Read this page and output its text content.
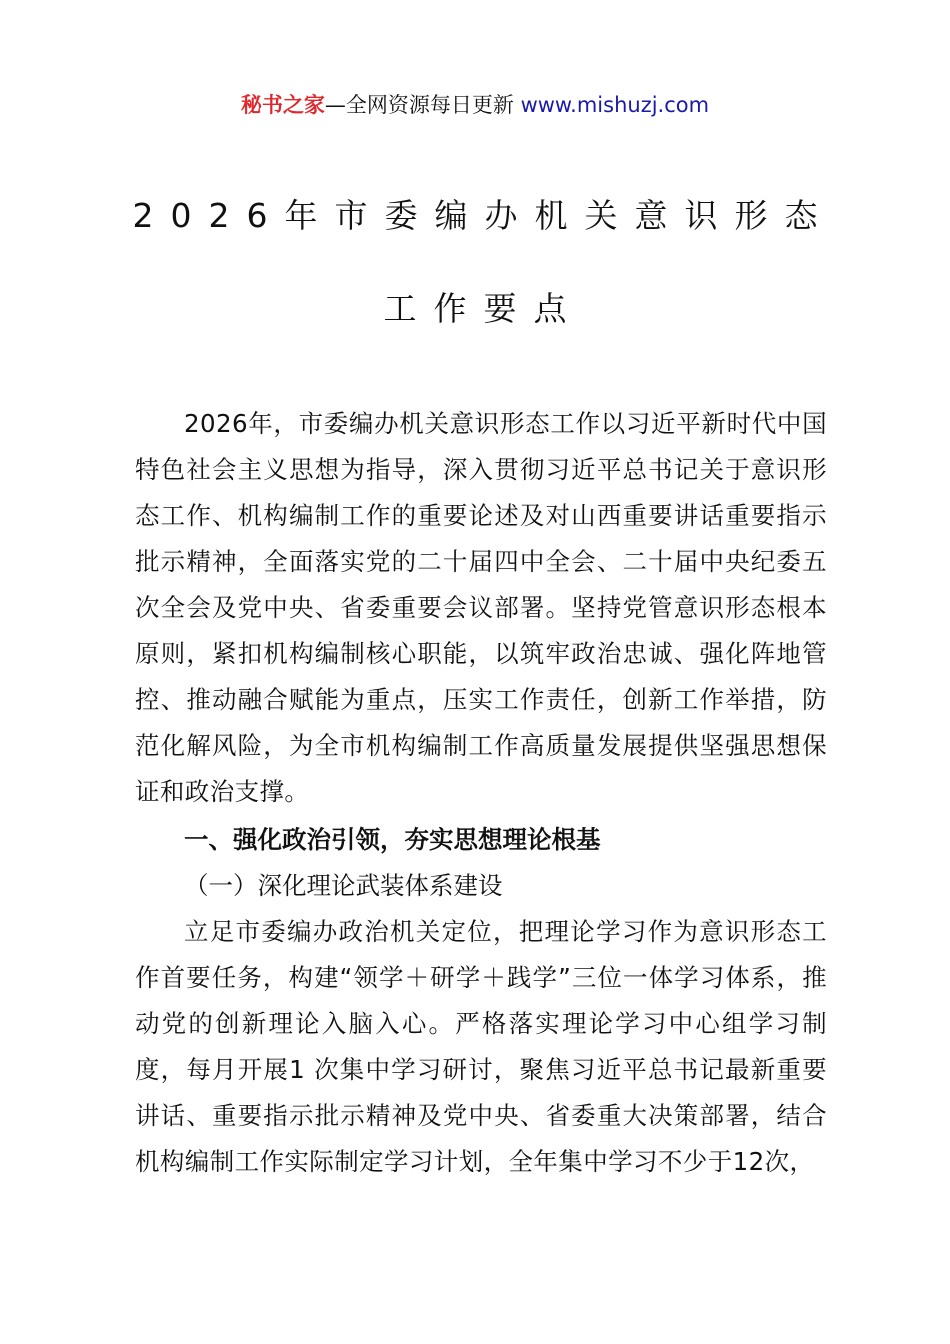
秘书之家—全网资源每日更新 www.mishuzj.com
2026年市委编办机关意识形态
工作要点

2026年，市委编办机关意识形态工作以习近平新时代中国特色社会主义思想为指导，深入贯彻习近平总书记关于意识形态工作、机构编制工作的重要论述及对山西重要讲话重要指示批示精神，全面落实党的二十届四中全会、二十届中央纪委五次全会及党中央、省委重要会议部署。坚持党管意识形态根本原则，紧扣机构编制核心职能，以筑牢政治忠诚、强化阵地管控、推动融合赋能为重点，压实工作责任，创新工作举措，防范化解风险，为全市机构编制工作高质量发展提供坚强思想保证和政治支撑。

一、强化政治引领，夯实思想理论根基

（一）深化理论武装体系建设

立足市委编办政治机关定位，把理论学习作为意识形态工作首要任务，构建“领学＋研学＋践学”三位一体学习体系，推动党的创新理论入脑入心。严格落实理论学习中心组学习制度，每月开展1 次集中学习研讨，聚焦习近平总书记最新重要讲话、重要指示批示精神及党中央、省委重大决策部署，结合机构编制工作实际制定学习计划，全年集中学习不少于12次，
